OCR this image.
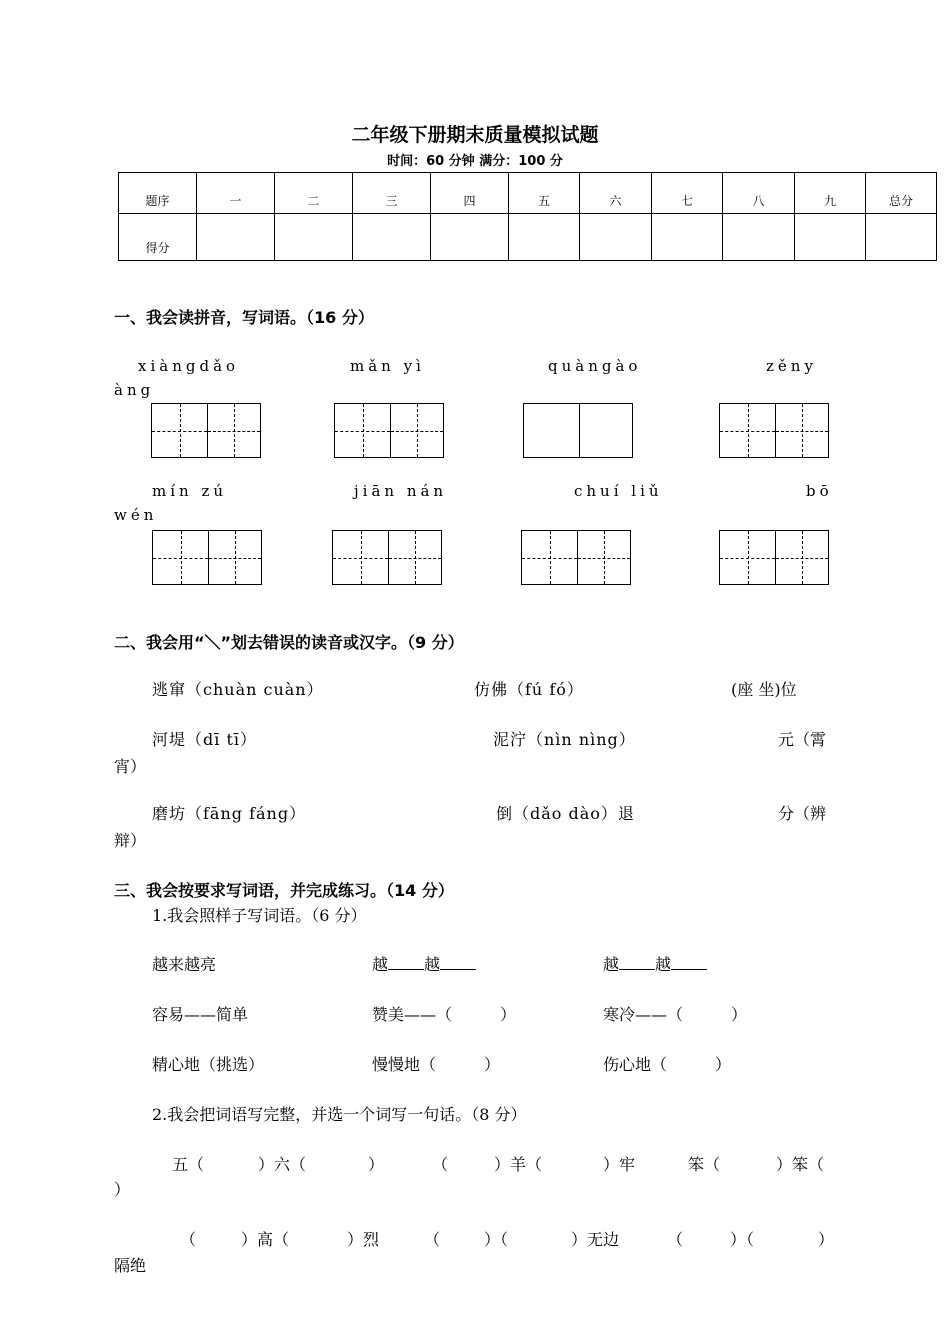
二年级下册期末质量模拟试题
时间：60 分钟 满分：100 分
题序	一	二	三	四	五	六	七	八	九	总分
得分										
一、我会读拼音，写词语。（16 分）
xiàngdǎo	mǎn yì	quàngào	zěny
àng
mín zú	jiān nán	chuí liǔ	bō
wén
二、我会用“＼”划去错误的读音或汉字。（9 分）
逃窜（chuàn cuàn）	仿佛（fú fó）	(座 坐)位
河堤（dī tī）	泥泞（nìn nìng）	元（霄
宵）
磨坊（fāng fáng）	倒（dǎo dào）退	分（辨
辩）
三、我会按要求写词语，并完成练习。（14 分）
1.我会照样子写词语。（6 分）
越来越亮	越 越	越 越
容易——简单	赞美——（　　　）	寒冷——（　　　）
精心地（挑选）	慢慢地（　　　）	伤心地（　　　）
2.我会把词语写完整，并选一个词写一句话。（8 分）
五（	）六（	）	（	）羊（	）牢	笨（	）笨（
）
（	）高（	）烈	（	）（	）无边	（	）（	）
隔绝
